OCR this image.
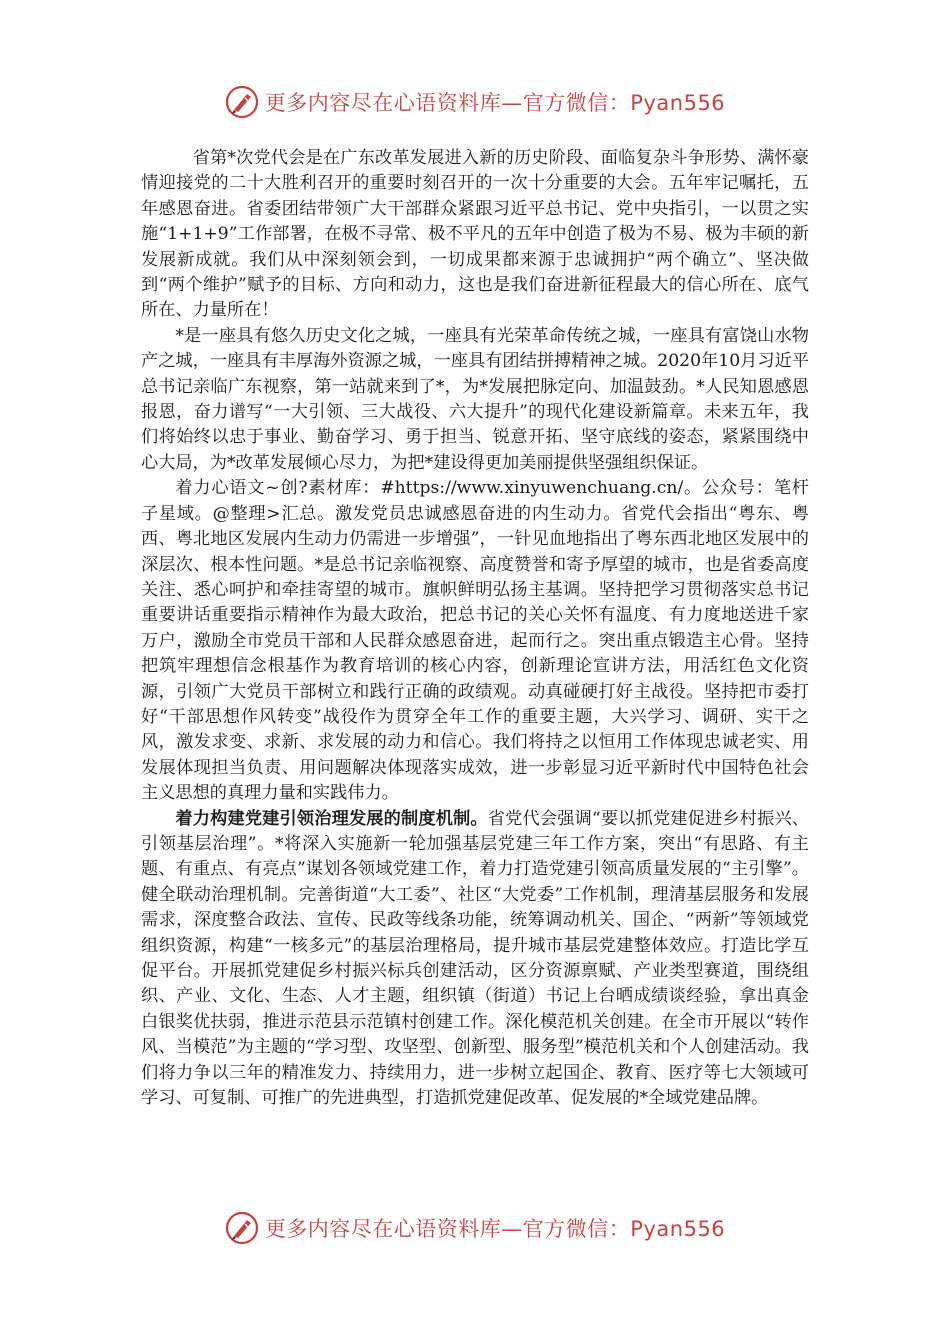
更多内容尽在心语资料库—官方微信：Pyan556

省第*次党代会是在广东改革发展进入新的历史阶段、面临复杂斗争形势、满怀豪情迎接党的二十大胜利召开的重要时刻召开的一次十分重要的大会。五年牢记嘱托，五年感恩奋进。省委团结带领广大干部群众紧跟习近平总书记、党中央指引，一以贯之实施“1+1+9”工作部署，在极不寻常、极不平凡的五年中创造了极为不易、极为丰硕的新发展新成就。我们从中深刻领会到，一切成果都来源于忠诚拥护“两个确立”、坚决做到“两个维护”赋予的目标、方向和动力，这也是我们奋进新征程最大的信心所在、底气所在、力量所在！

*是一座具有悠久历史文化之城，一座具有光荣革命传统之城，一座具有富饶山水物产之城，一座具有丰厚海外资源之城，一座具有团结拼搏精神之城。2020年10月习近平总书记亲临广东视察，第一站就来到了*，为*发展把脉定向、加温鼓劲。*人民知恩感恩报恩，奋力谱写“一大引领、三大战役、六大提升”的现代化建设新篇章。未来五年，我们将始终以忠于事业、勤奋学习、勇于担当、锐意开拓、坚守底线的姿态，紧紧围绕中心大局，为*改革发展倾心尽力，为把*建设得更加美丽提供坚强组织保证。

着力心语文~创?素材库：#https://www.xinyuwenchuang.cn/。公众号：笔杆子星域。@整理>汇总。激发党员忠诚感恩奋进的内生动力。省党代会指出“粤东、粤西、粤北地区发展内生动力仍需进一步增强”，一针见血地指出了粤东西北地区发展中的深层次、根本性问题。*是总书记亲临视察、高度赞誉和寄予厚望的城市，也是省委高度关注、悉心呵护和牵挂寄望的城市。旗帜鲜明弘扬主基调。坚持把学习贯彻落实总书记重要讲话重要指示精神作为最大政治，把总书记的关心关怀有温度、有力度地送进千家万户，激励全市党员干部和人民群众感恩奋进，起而行之。突出重点锻造主心骨。坚持把筑牢理想信念根基作为教育培训的核心内容，创新理论宣讲方法，用活红色文化资源，引领广大党员干部树立和践行正确的政绩观。动真碰硬打好主战役。坚持把市委打好“干部思想作风转变”战役作为贯穿全年工作的重要主题，大兴学习、调研、实干之风，激发求变、求新、求发展的动力和信心。我们将持之以恒用工作体现忠诚老实、用发展体现担当负责、用问题解决体现落实成效，进一步彰显习近平新时代中国特色社会主义思想的真理力量和实践伟力。

着力构建党建引领治理发展的制度机制。省党代会强调“要以抓党建促进乡村振兴、引领基层治理”。*将深入实施新一轮加强基层党建三年工作方案，突出“有思路、有主题、有重点、有亮点”谋划各领域党建工作，着力打造党建引领高质量发展的“主引擎”。健全联动治理机制。完善街道“大工委”、社区“大党委”工作机制，理清基层服务和发展需求，深度整合政法、宣传、民政等线条功能，统筹调动机关、国企、“两新”等领域党组织资源，构建“一核多元”的基层治理格局，提升城市基层党建整体效应。打造比学互促平台。开展抓党建促乡村振兴标兵创建活动，区分资源禀赋、产业类型赛道，围绕组织、产业、文化、生态、人才主题，组织镇（街道）书记上台晒成绩谈经验，拿出真金白银奖优扶弱，推进示范县示范镇村创建工作。深化模范机关创建。在全市开展以“转作风、当模范”为主题的“学习型、攻坚型、创新型、服务型”模范机关和个人创建活动。我们将力争以三年的精准发力、持续用力，进一步树立起国企、教育、医疗等七大领域可学习、可复制、可推广的先进典型，打造抓党建促改革、促发展的*全域党建品牌。

更多内容尽在心语资料库—官方微信：Pyan556
